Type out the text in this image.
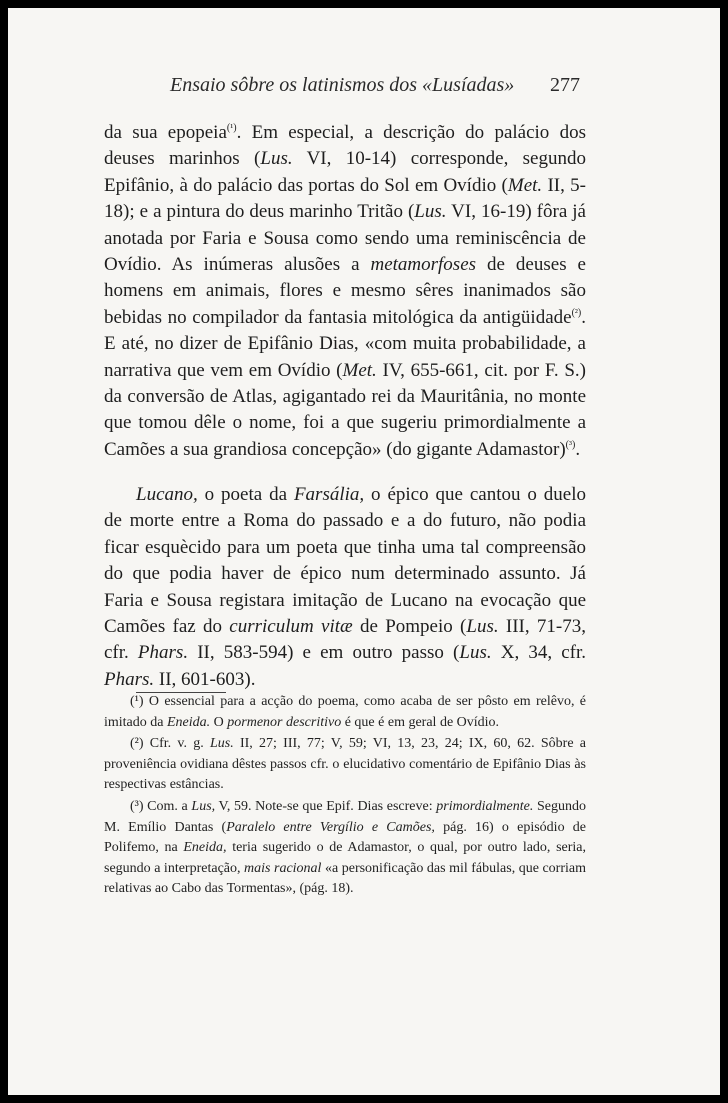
Ensaio sôbre os latinismos dos «Lusíadas» 277

da sua epopeia$^{(^1)}$. Em especial, a descrição do palácio dos deuses marinhos (Lus. VI, 10-14) corresponde, segundo Epifânio, à do palácio das portas do Sol em Ovídio (Met. II, 5-18); e a pintura do deus marinho Tritão (Lus. VI, 16-19) fôra já anotada por Faria e Sousa como sendo uma reminiscência de Ovídio. As inúmeras alusões a metamorfoses de deuses e homens em animais, flores e mesmo sêres inanimados são bebidas no compilador da fantasia mitológica da antigüidade$^{(^2)}$. E até, no dizer de Epifânio Dias, «com muita probabilidade, a narrativa que vem em Ovídio (Met. IV, 655-661, cit. por F. S.) da conversão de Atlas, agigantado rei da Mauritânia, no monte que tomou dêle o nome, foi a que sugeriu primordialmente a Camões a sua grandiosa concepção» (do gigante Adamastor)$^{(^3)}$.

Lucano, o poeta da Farsália, o épico que cantou o duelo de morte entre a Roma do passado e a do futuro, não podia ficar esquècido para um poeta que tinha uma tal compreensão do que podia haver de épico num determinado assunto. Já Faria e Sousa registara imitação de Lucano na evocação que Camões faz do curriculum vitæ de Pompeio (Lus. III, 71-73, cfr. Phars. II, 583-594) e em outro passo (Lus. X, 34, cfr. Phars. II, 601-603).

(¹) O essencial para a acção do poema, como acaba de ser pôsto em relêvo, é imitado da Eneida. O pormenor descritivo é que é em geral de Ovídio.

(²) Cfr. v. g. Lus. II, 27; III, 77; V, 59; VI, 13, 23, 24; IX, 60, 62. Sôbre a proveniência ovidiana dêstes passos cfr. o elucidativo comentário de Epifânio Dias às respectivas estâncias.

(³) Com. a Lus, V, 59. Note-se que Epif. Dias escreve: primordialmente. Segundo M. Emílio Dantas (Paralelo entre Vergílio e Camões, pág. 16) o episódio de Polifemo, na Eneida, teria sugerido o de Adamastor, o qual, por outro lado, seria, segundo a interpretação, mais racional «a personificação das mil fábulas, que corriam relativas ao Cabo das Tormentas», (pág. 18).
